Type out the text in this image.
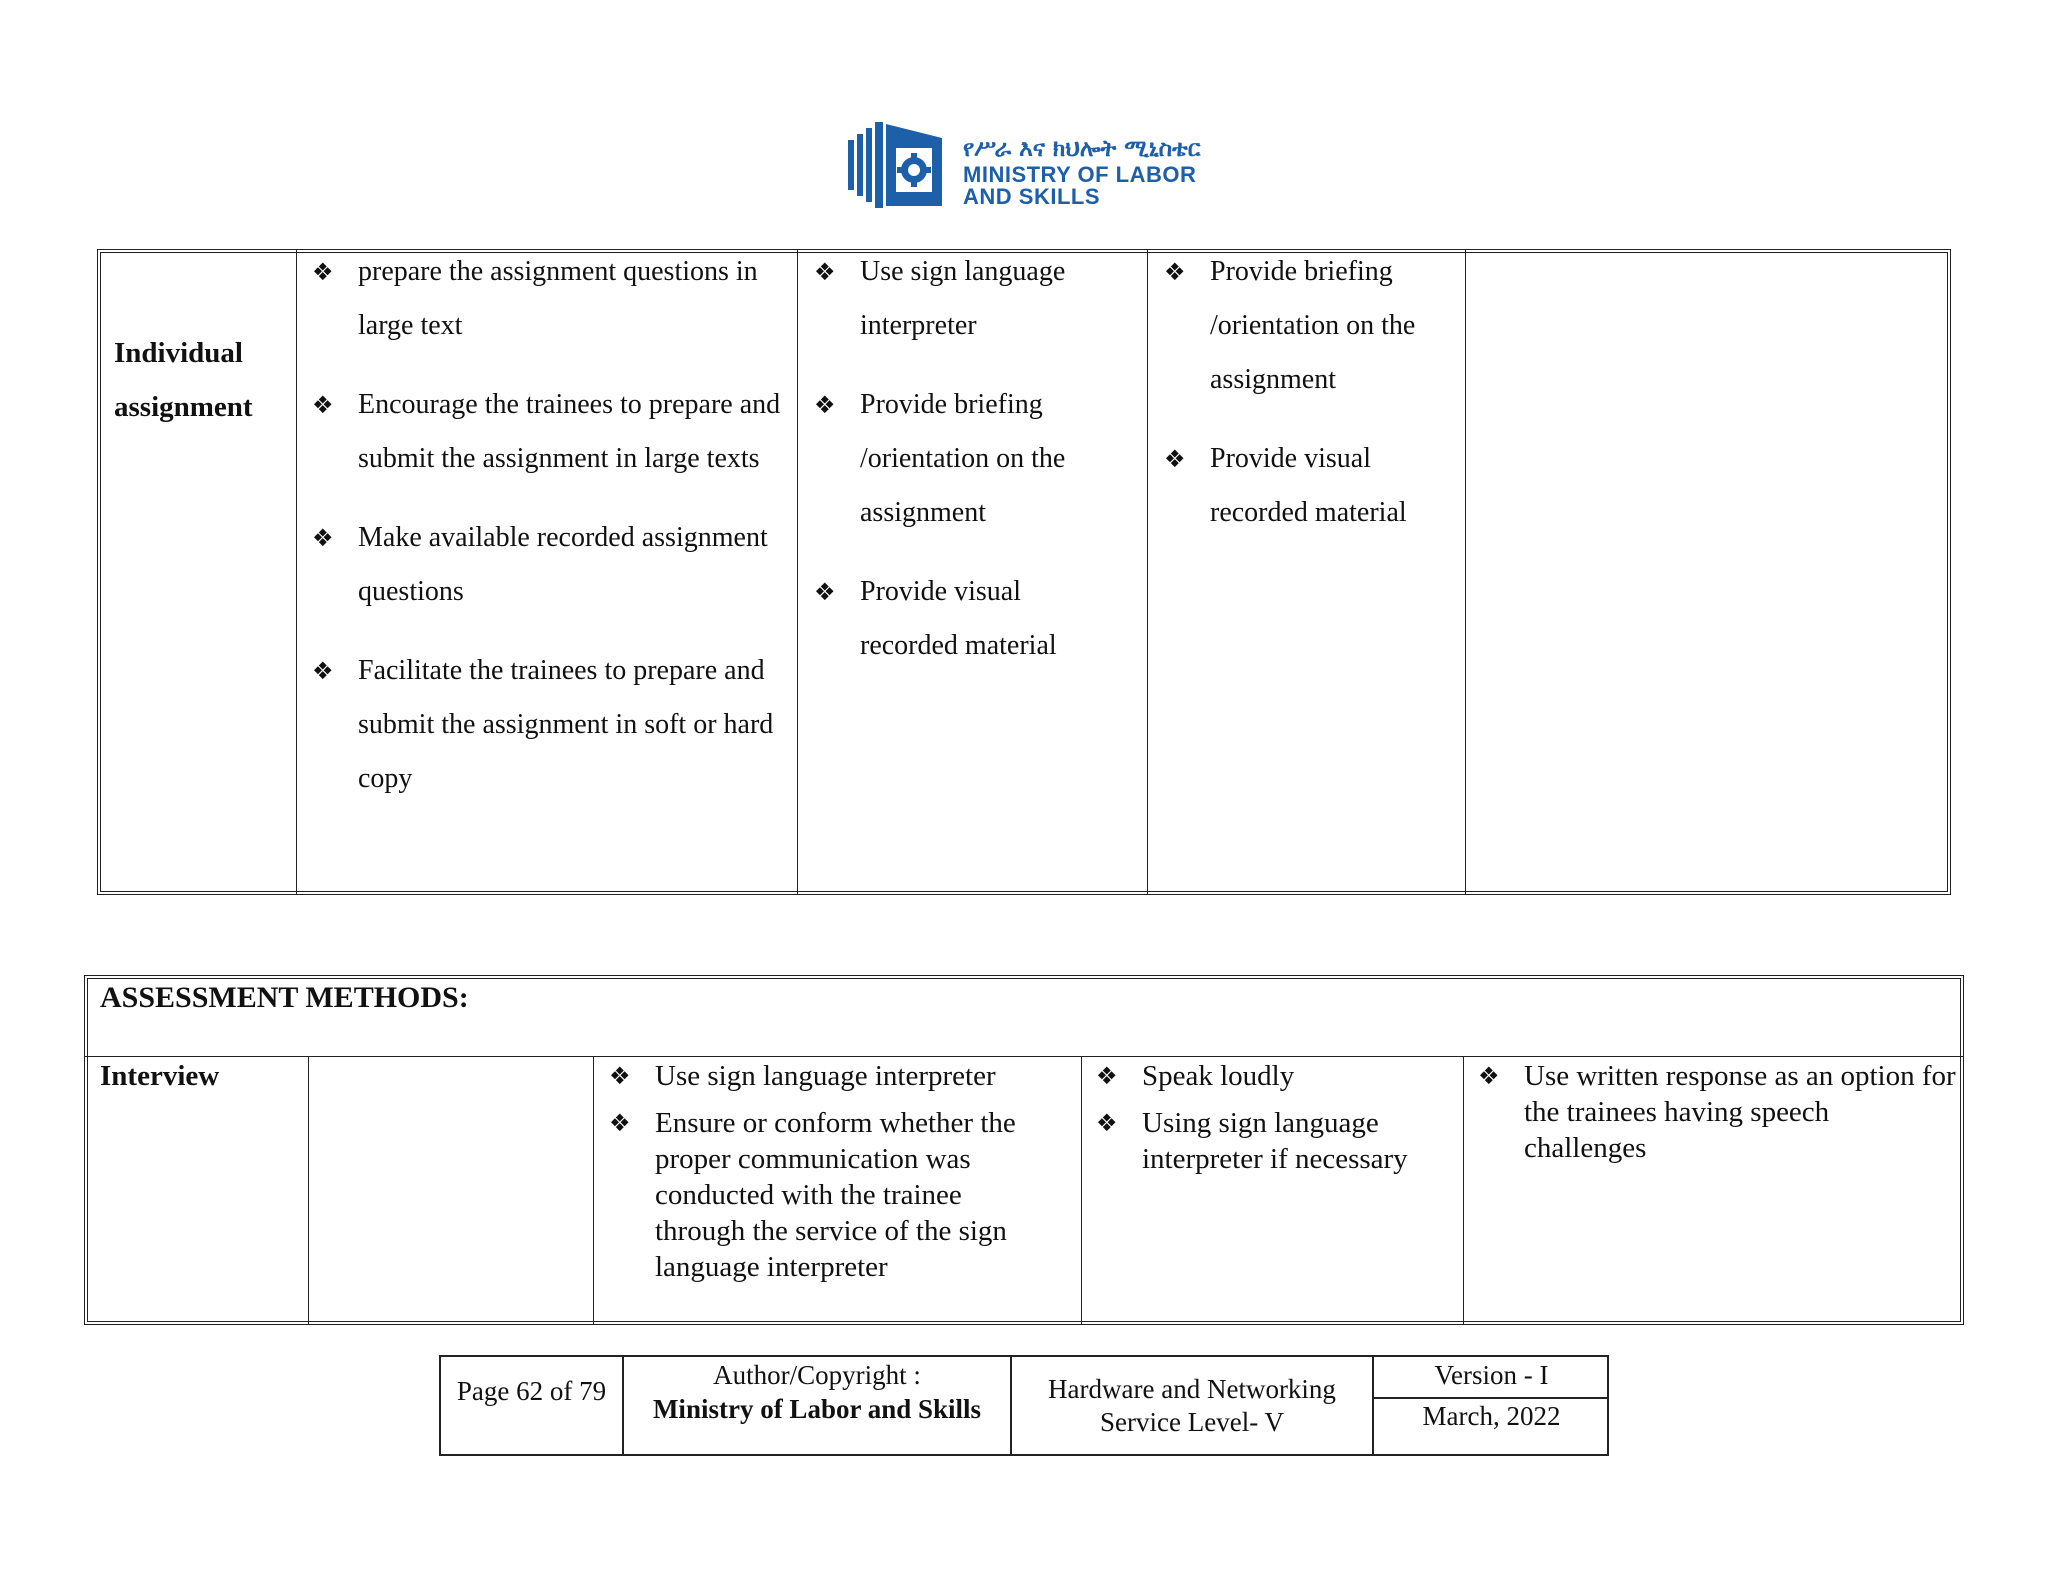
የሥራ እና ክህሎት ሚኒስቴር
MINISTRY OF LABOR
AND SKILLS
Individual
assignment
❖ prepare the assignment questions in large text
❖ Encourage the trainees to prepare and submit the assignment in large texts
❖ Make available recorded assignment questions
❖ Facilitate the trainees to prepare and submit the assignment in soft or hard copy
❖ Use sign language interpreter
❖ Provide briefing /orientation on the assignment
❖ Provide visual recorded material
❖ Provide briefing /orientation on the assignment
❖ Provide visual recorded material
ASSESSMENT METHODS:
Interview	❖ Use sign language interpreter
❖ Ensure or conform whether the proper communication was conducted with the trainee through the service of the sign language interpreter
❖ Speak loudly
❖ Using sign language interpreter if necessary
❖ Use written response as an option for the trainees having speech challenges
Page 62 of 79
Author/Copyright :
Ministry of Labor and Skills
Hardware and Networking
Service Level- V
Version - I
March, 2022
